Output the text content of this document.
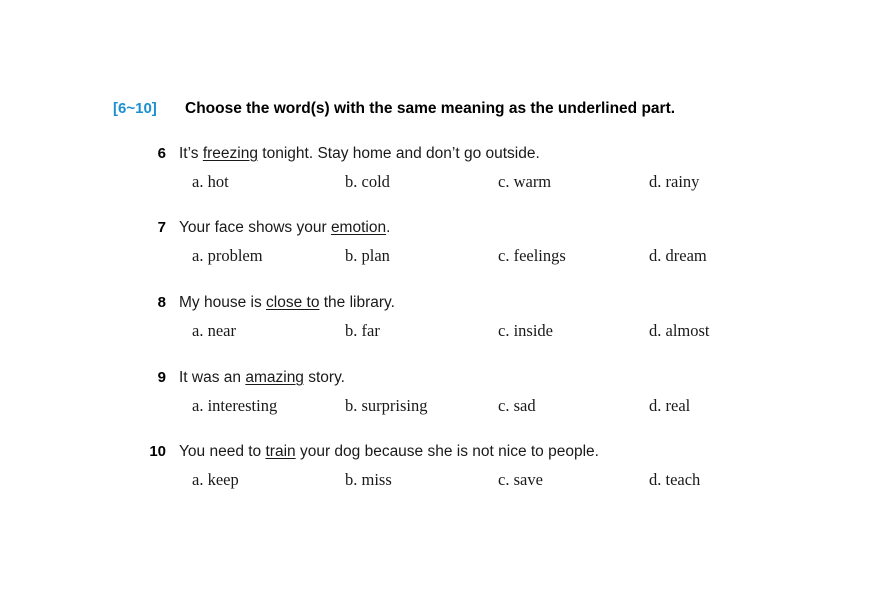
[6~10]	Choose the word(s) with the same meaning as the underlined part.
6 It’s freezing tonight. Stay home and don’t go outside.
a. hot	b. cold	c. warm	d. rainy
7 Your face shows your emotion.
a. problem	b. plan	c. feelings	d. dream
8 My house is close to the library.
a. near	b. far	c. inside	d. almost
9 It was an amazing story.
a. interesting	b. surprising	c. sad	d. real
10 You need to train your dog because she is not nice to people.
a. keep	b. miss	c. save	d. teach
